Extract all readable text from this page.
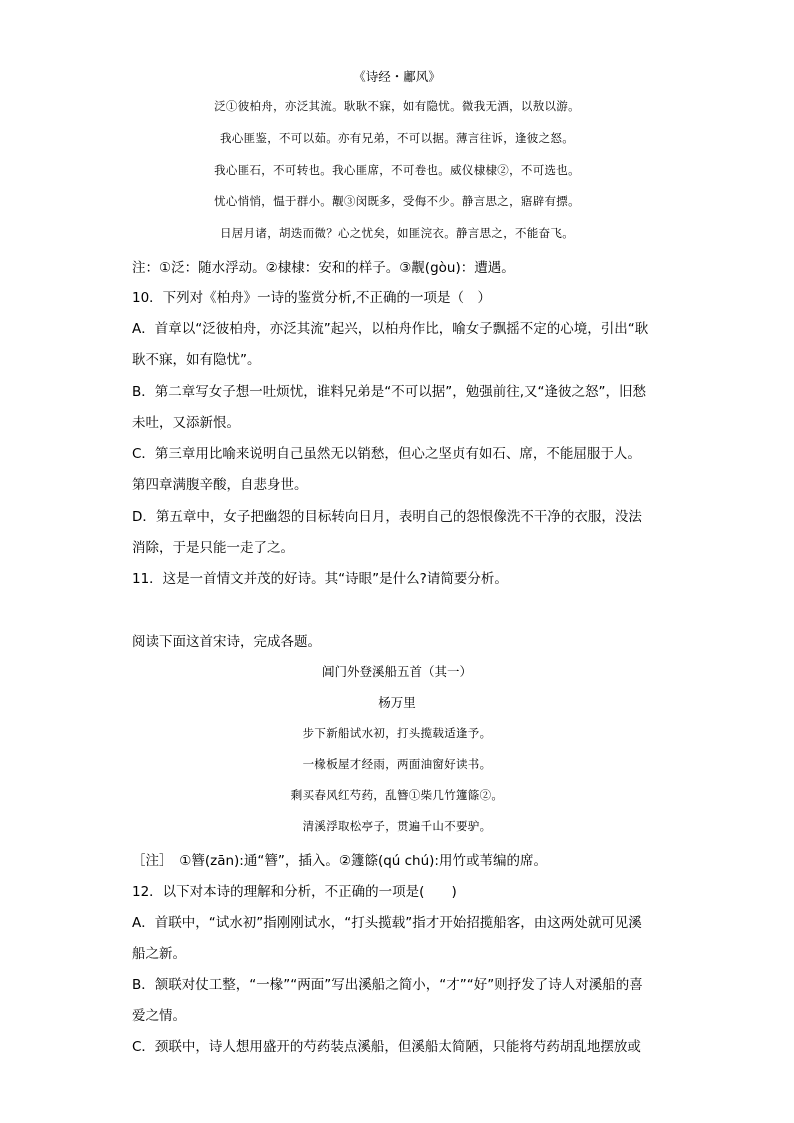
《诗经・鄘风》
泛①彼柏舟，亦泛其流。耿耿不寐，如有隐忧。微我无酒，以敖以游。
我心匪鉴，不可以茹。亦有兄弟，不可以据。薄言往诉，逢彼之怒。
我心匪石，不可转也。我心匪席，不可卷也。威仪棣棣②，不可选也。
忧心悄悄，愠于群小。觏③闵既多，受侮不少。静言思之，寤辟有摽。
日居月诸，胡迭而微？心之忧矣，如匪浣衣。静言思之，不能奋飞。
注：①泛：随水浮动。②棣棣：安和的样子。③觏(gòu)：遭遇。
10．下列对《柏舟》一诗的鉴赏分析,不正确的一项是（　）
A．首章以“泛彼柏舟，亦泛其流”起兴，以柏舟作比，喻女子飘摇不定的心境，引出“耿
耿不寐，如有隐忧”。
B．第二章写女子想一吐烦忧，谁料兄弟是“不可以据”，勉强前往,又“逢彼之怒”，旧愁
未吐，又添新恨。
C．第三章用比喻来说明自己虽然无以销愁，但心之坚贞有如石、席，不能屈服于人。
第四章满腹辛酸，自悲身世。
D．第五章中，女子把幽怨的目标转向日月，表明自己的怨恨像洗不干净的衣服，没法
消除，于是只能一走了之。
11．这是一首情文并茂的好诗。其“诗眼”是什么?请简要分析。
阅读下面这首宋诗，完成各题。
阊门外登溪船五首（其一）
杨万里
步下新船试水初，打头揽载适逢予。
一椽板屋才经雨，两面油窗好读书。
剩买春风红芍药，乱簪①柴几竹籧篨②。
清溪浮取松亭子，贯遍千山不要驴。
［注］　①簪(zān):通“簪”，插入。②籧篨(qú chú):用竹或苇编的席。
12．以下对本诗的理解和分析，不正确的一项是(　　)
A．首联中，“试水初”指刚刚试水，“打头揽载”指才开始招揽船客，由这两处就可见溪
船之新。
B．颔联对仗工整，“一椽”“两面”写出溪船之简小，“才”“好”则抒发了诗人对溪船的喜
爱之情。
C．颈联中，诗人想用盛开的芍药装点溪船，但溪船太简陋，只能将芍药胡乱地摆放或
